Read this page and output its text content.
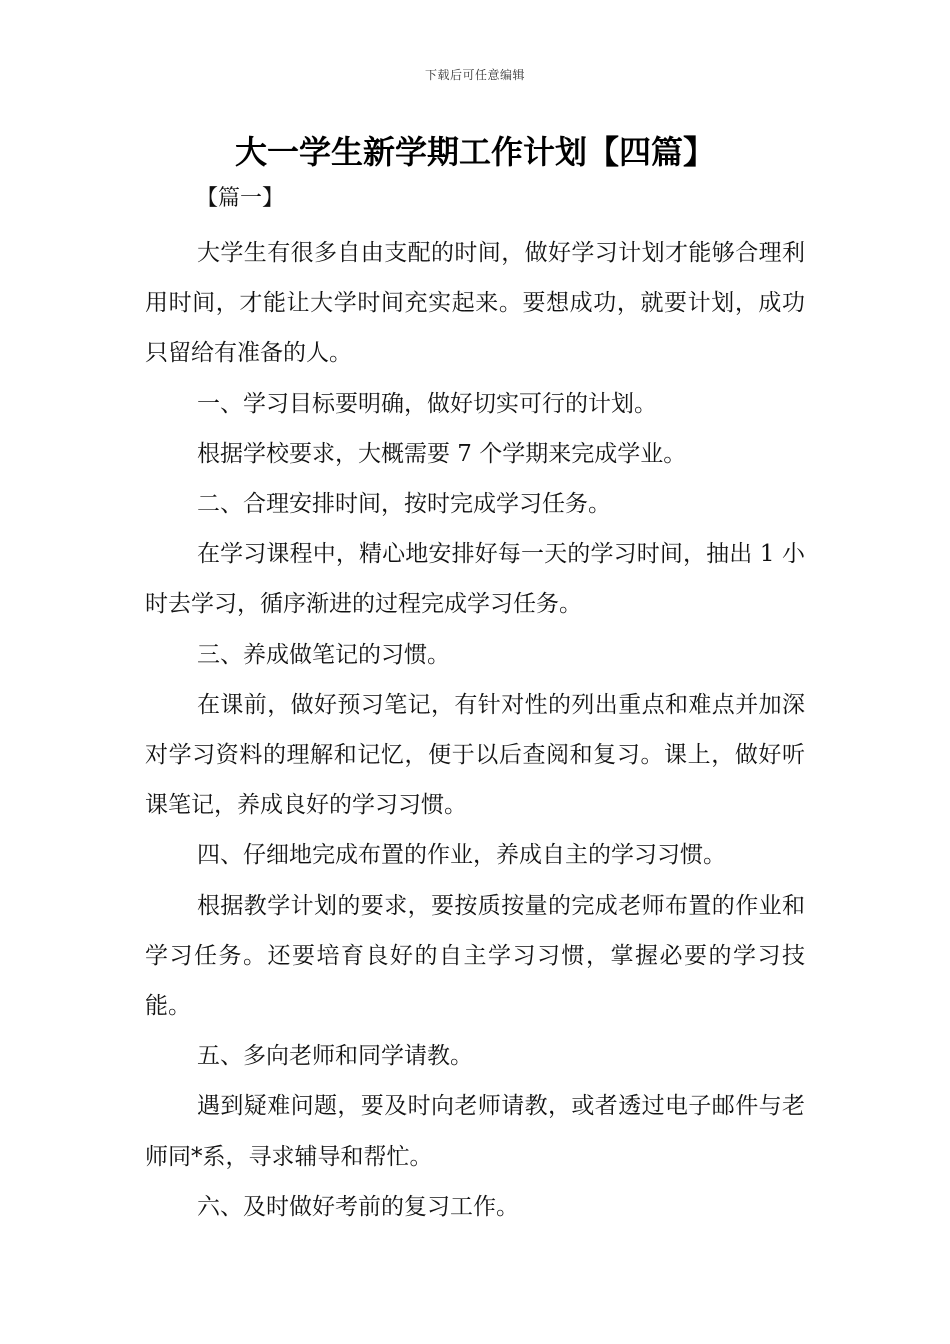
下载后可任意编辑
大一学生新学期工作计划【四篇】
【篇一】

大学生有很多自由支配的时间，做好学习计划才能够合理利用时间，才能让大学时间充实起来。要想成功，就要计划，成功只留给有准备的人。

一、学习目标要明确，做好切实可行的计划。

根据学校要求，大概需要 7 个学期来完成学业。

二、合理安排时间，按时完成学习任务。

在学习课程中，精心地安排好每一天的学习时间，抽出 1 小时去学习，循序渐进的过程完成学习任务。

三、养成做笔记的习惯。

在课前，做好预习笔记，有针对性的列出重点和难点并加深对学习资料的理解和记忆，便于以后查阅和复习。课上，做好听课笔记，养成良好的学习习惯。

四、仔细地完成布置的作业，养成自主的学习习惯。

根据教学计划的要求，要按质按量的完成老师布置的作业和学习任务。还要培育良好的自主学习习惯，掌握必要的学习技能。

五、多向老师和同学请教。

遇到疑难问题，要及时向老师请教，或者透过电子邮件与老师同*系，寻求辅导和帮忙。

六、及时做好考前的复习工作。
